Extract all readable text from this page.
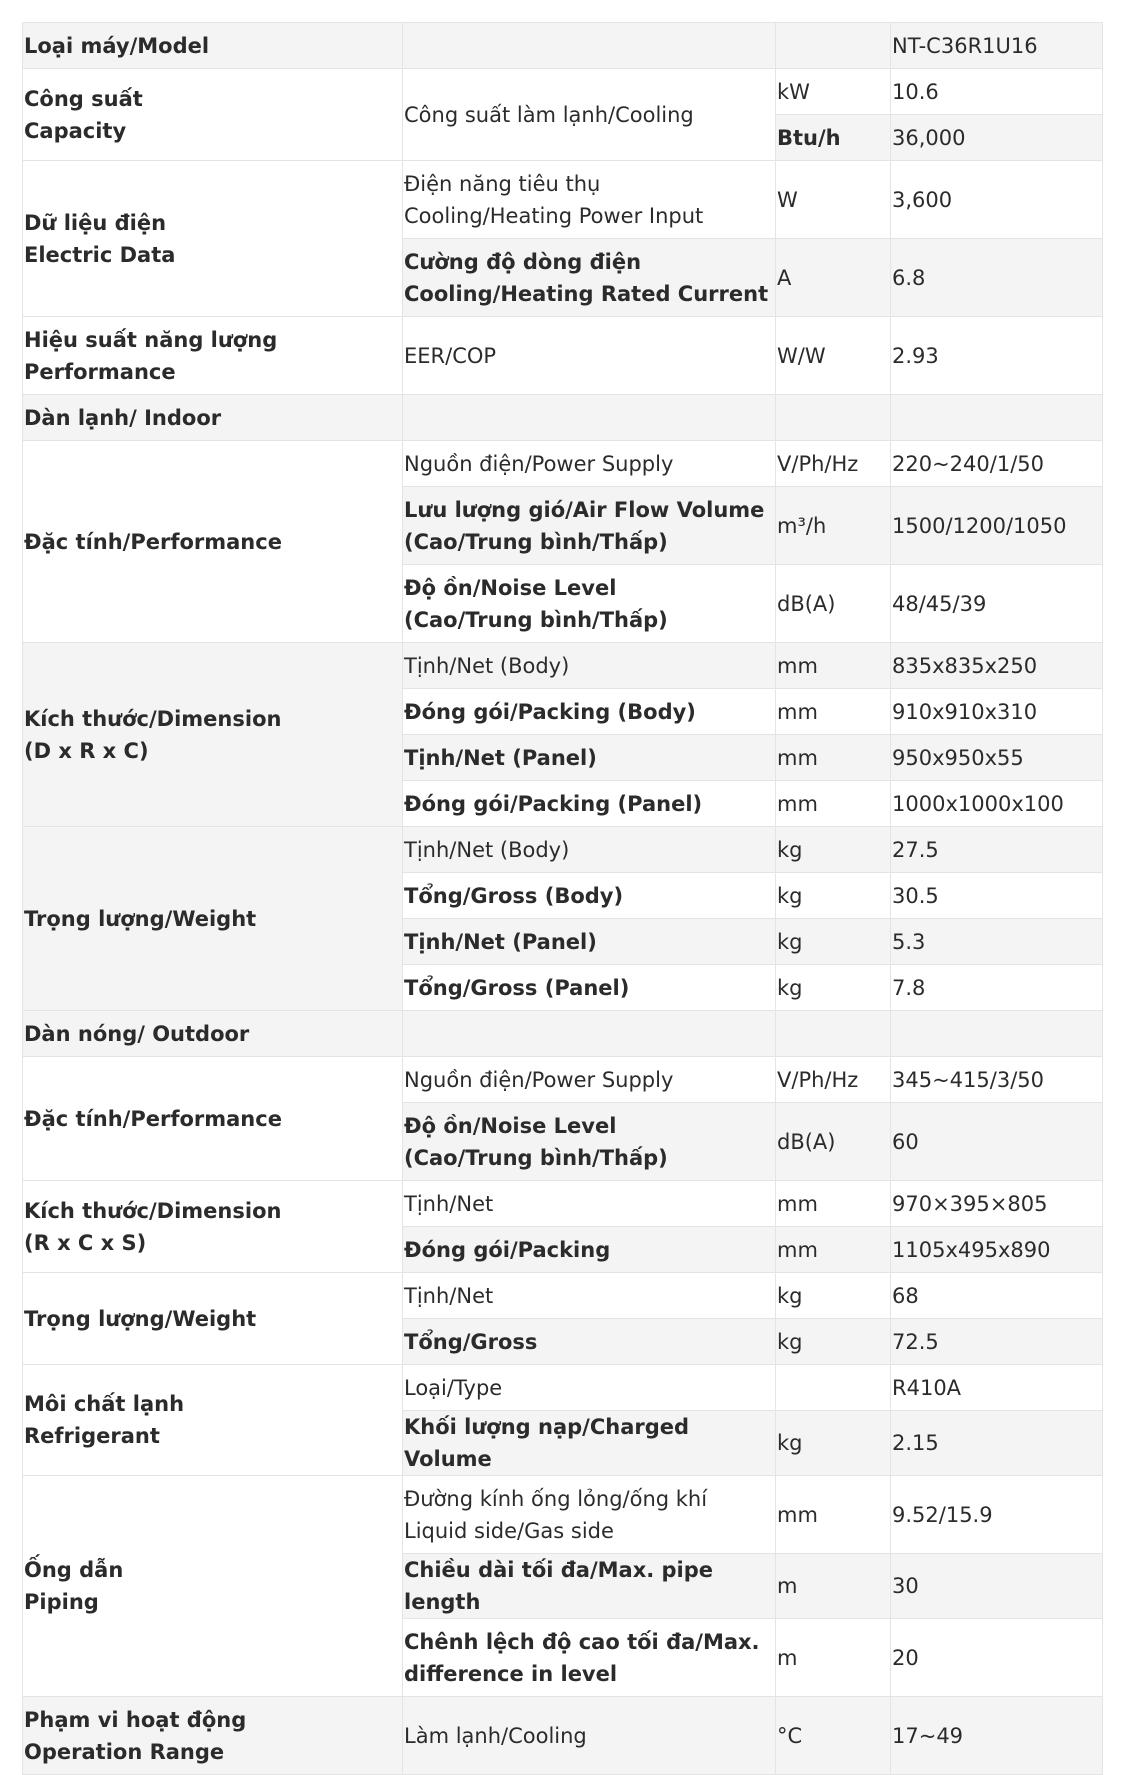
Loại máy/Model			NT-C36R1U16

Công suất
Capacity	Công suất làm lạnh/Cooling	kW	10.6
		Btu/h	36,000

Dữ liệu điện
Electric Data	Điện năng tiêu thụ
Cooling/Heating Power Input	W	3,600

	Cường độ dòng điện
Cooling/Heating Rated Current	A	6.8

Hiệu suất năng lượng
Performance	EER/COP	W/W	2.93

Dàn lạnh/ Indoor			

Đặc tính/Performance	Nguồn điện/Power Supply	V/Ph/Hz	220~240/1/50

	Lưu lượng gió/Air Flow Volume
(Cao/Trung bình/Thấp)	m³/h	1500/1200/1050

	Độ ồn/Noise Level
(Cao/Trung bình/Thấp)	dB(A)	48/45/39

Kích thước/Dimension
(D x R x C)	Tịnh/Net (Body)	mm	835x835x250

	Đóng gói/Packing (Body)	mm	910x910x310

	Tịnh/Net (Panel)	mm	950x950x55

	Đóng gói/Packing (Panel)	mm	1000x1000x100

Trọng lượng/Weight	Tịnh/Net (Body)	kg	27.5

	Tổng/Gross (Body)	kg	30.5

	Tịnh/Net (Panel)	kg	5.3

	Tổng/Gross (Panel)	kg	7.8

Dàn nóng/ Outdoor			

Đặc tính/Performance	Nguồn điện/Power Supply	V/Ph/Hz	345~415/3/50

	Độ ồn/Noise Level
(Cao/Trung bình/Thấp)	dB(A)	60

Kích thước/Dimension
(R x C x S)	Tịnh/Net	mm	970×395×805

	Đóng gói/Packing	mm	1105x495x890

Trọng lượng/Weight	Tịnh/Net	kg	68

	Tổng/Gross	kg	72.5

Môi chất lạnh
Refrigerant	Loại/Type		R410A

	Khối lượng nạp/Charged Volume	kg	2.15

Ống dẫn
Piping	Đường kính ống lỏng/ống khí
Liquid side/Gas side	mm	9.52/15.9

	Chiều dài tối đa/Max. pipe length	m	30

	Chênh lệch độ cao tối đa/Max.
difference in level	m	20

Phạm vi hoạt động
Operation Range	Làm lạnh/Cooling	°C	17~49
